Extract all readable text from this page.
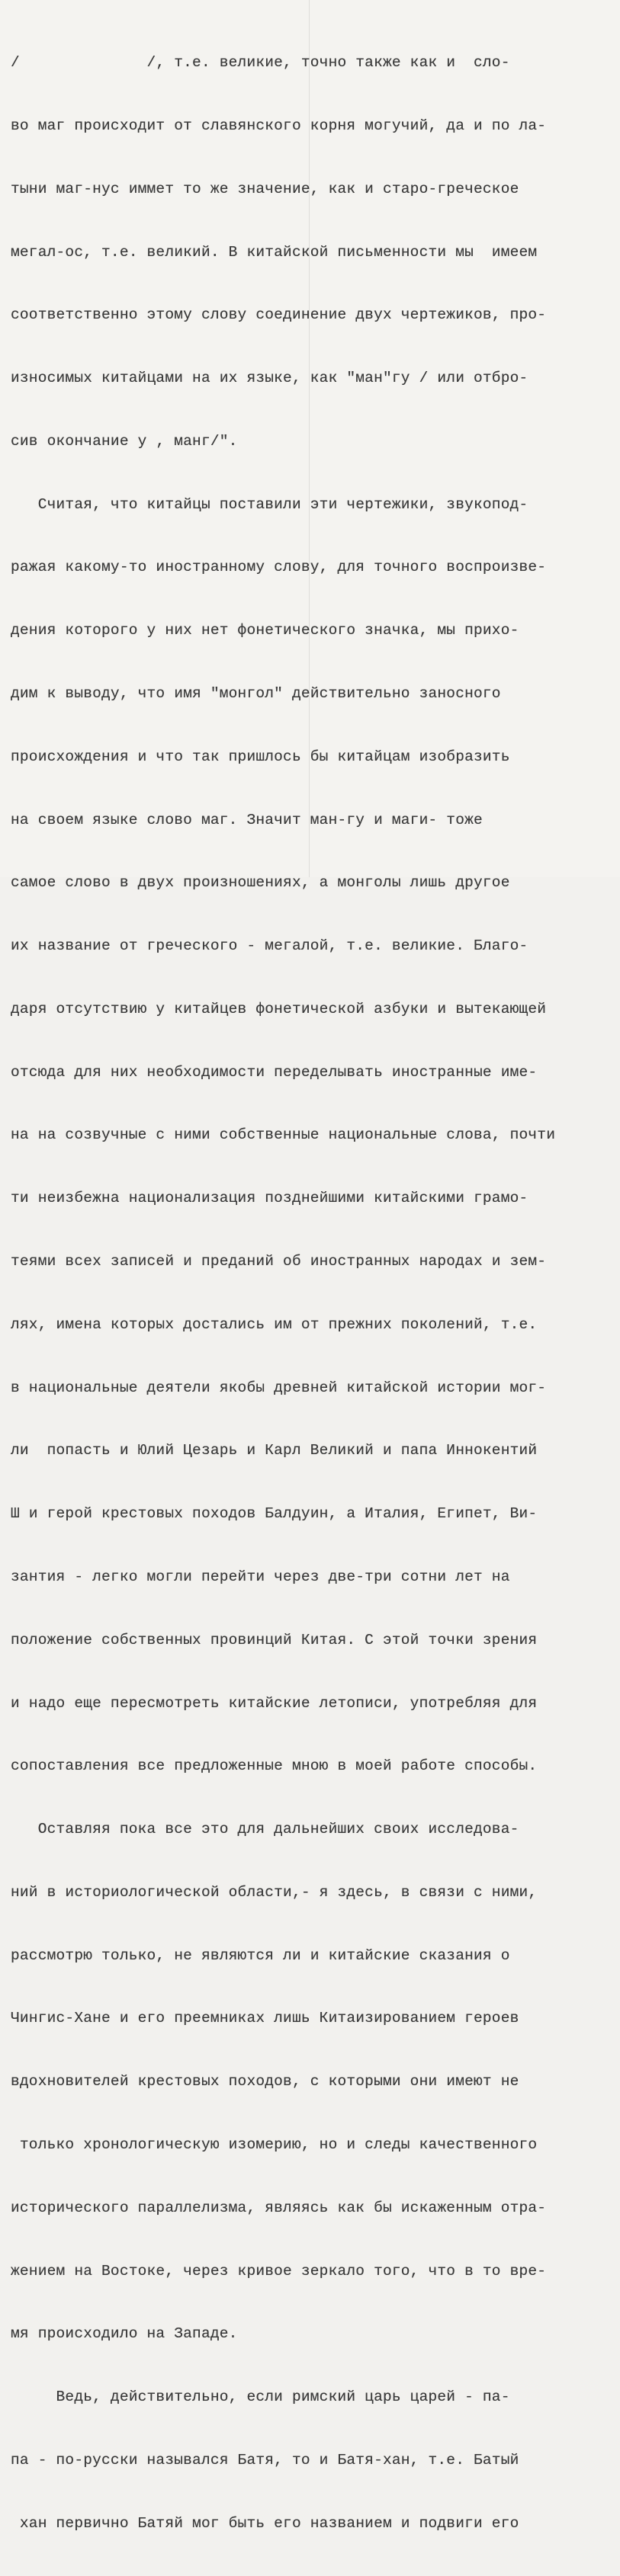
/              /, т.е. великие, точно также как и  сло-

во маг происходит от славянского корня могучий, да и по ла-

тыни маг-нус иммет то же значение, как и старо-греческое

мегал-ос, т.е. великий. В китайской письменности мы  имеем

соответственно этому слову соединение двух чертежиков, про-

износимых китайцами на их языке, как "ман"гу / или отбро-

сив окончание у , манг/".

Считая, что китайцы поставили эти чертежики, звукопод-

ражая какому-то иностранному слову, для точного воспроизве-

дения которого у них нет фонетического значка, мы прихо-

дим к выводу, что имя "монгол" действительно заносного

происхождения и что так пришлось бы китайцам изобразить

на своем языке слово маг. Значит ман-гу и маги- тоже

самое слово в двух произношениях, а монголы лишь другое

их название от греческого - мегалой, т.е. великие. Благо-

даря отсутствию у китайцев фонетической азбуки и вытекающей

отсюда для них необходимости переделывать иностранные име-

на на созвучные с ними собственные национальные слова, почти

ти неизбежна национализация позднейшими китайскими грамо-

теями всех записей и преданий об иностранных народах и зем-

лях, имена которых достались им от прежних поколений, т.е.

в национальные деятели якобы древней китайской истории мог-

ли  попасть и Юлий Цезарь и Карл Великий и папа Иннокентий

Ш и герой крестовых походов Балдуин, а Италия, Египет, Ви-

зантия - легко могли перейти через две-три сотни лет на

положение собственных провинций Китая. С этой точки зрения

и надо еще пересмотреть китайские летописи, употребляя для

сопоставления все предложенные мною в моей работе способы.

Оставляя пока все это для дальнейших своих исследова-

ний в историологической области,- я здесь, в связи с ними,

рассмотрю только, не являются ли и китайские сказания о

Чингис-Хане и его преемниках лишь Китаизированием героев

вдохновителей крестовых походов, с которыми они имеют не

только хронологическую изомерию, но и следы качественного

исторического параллелизма, являясь как бы искаженным отра-

жением на Востоке, через кривое зеркало того, что в то вре-

мя происходило на Западе.

Ведь, действительно, если римский царь царей - па-

па - по-русски назывался Батя, то и Батя-хан, т.е. Батый

хан первично Батяй мог быть его названием и подвиги его
